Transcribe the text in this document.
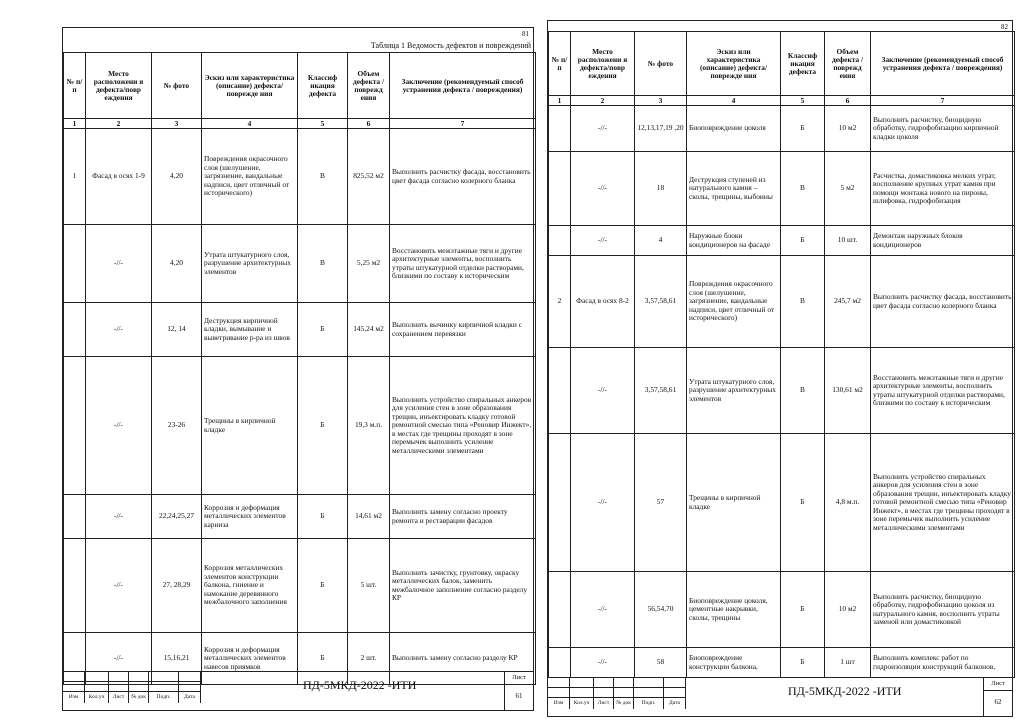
81
Таблица 1 Ведомость дефектов и повреждений
№ п/п	Место расположени я дефекта/повр еждения	№ фото	Эскиз или характеристика (описание) дефекта/поврежде ния	Классиф икация дефекта	Объем дефекта / поврежд ения	Заключение (рекомендуемый способ устранения дефекта / повреждения)
1	2	3	4	5	6	7
1	Фасад в осях 1-9	4,20	Повреждения окрасочного слоя (шелушение, загрязнение, вандальные надписи, цвет отличный от исторического)	В	825,52 м2	Выполнить расчистку фасада, восстановить цвет фасада согласно колерного бланка
	-//-	4,20	Утрата штукатурного слоя, разрушение архитектурных элементов	В	5,25 м2	Восстановить межэтажные тяги и другие архитектурные элементы, восполнить утраты штукатурной отделки растворами, близкими по составу к историческим
	-//-	12, 14	Деструкция кирпичной кладки, вымывание и выветривание р-ра из швов	Б	145,24 м2	Выполнить вычинку кирпичной кладки с сохранением перевязки
	-//-	23-26	Трещины в кирпичной кладке	Б	19,3 м.п.	Выполнить устройство спиральных анкеров для усиления стен в зоне образования трещин, инъектировать кладку готовой ремонтной смесью типа «Реновир Инжект», в местах где трещины проходят в зоне перемычек выполнить усиление металлическими элементами
	-//-	22,24,25,27	Коррозия и деформация металлических элементов карниза	Б	14,61 м2	Выполнить замену согласно проекту ремонта и реставрации фасадов
	-//-	27, 28,29	Коррозия металлических элементов конструкции балкона, гниение и намокание деревянного межбалочного заполнения	Б	5 шт.	Выполнить зачистку, грунтовку, окраску металлических балок, заменить межбалочное заполнение согласно разделу КР
	-//-	15,16,21	Коррозия и деформация металлических элементов навесов приямков	Б	2 шт.	Выполнить замену согласно разделу КР
Изм	Кол.уч	Лист	№ док	Подп.	Дата
ПД-5МКД-2022 -ИТИ
Лист
61
82
№ п/п	Место расположени я дефекта/повр еждения	№ фото	Эскиз или характеристика (описание) дефекта/поврежде ния	Классиф икация дефекта	Объем дефекта / поврежд ения	Заключение (рекомендуемый способ устранения дефекта / повреждения)
1	2	3	4	5	6	7
	-//-	12,13,17,19 ,20	Биоповреждение цоколя	Б	10 м2	Выполнить расчистку, биоцидную обработку, гидрофобизацию кирпичной кладки цоколя
	-//-	18	Деструкция ступеней из натурального камня – сколы, трещины, выбоины	В	5 м2	Расчистка, домастиковка мелких утрат, восполнение крупных утрат камня при помощи монтажа нового на пироны, шлифовка, гидрофобизация
	-//-	4	Наружные блоки кондиционеров на фасаде	Б	10 шт.	Демонтаж наружных блоков кондиционеров
2	Фасад в осях 8-2	3,57,58,61	Повреждения окрасочного слоя (шелушение, загрязнение, вандальные надписи, цвет отличный от исторического)	В	245,7 м2	Выполнить расчистку фасада, восстановить цвет фасада согласно колерного бланка
	-//-	3,57,58,61	Утрата штукатурного слоя, разрушение архитектурных элементов	В	130,61 м2	Восстановить межэтажные тяги и другие архитектурные элементы, восполнить утраты штукатурной отделки растворами, близкими по составу к историческим
	-//-	57	Трещины в кирпичной кладке	Б	4,8 м.п.	Выполнить устройство спиральных анкеров для усиления стен в зоне образования трещин, инъектировать кладку готовой ремонтной смесью типа «Реновир Инжект», в местах где трещины проходят в зоне перемычек выполнить усиление металлическими элементами
	-//-	56,54,70	Биоповреждение цоколя, цементные накрывки, сколы, трещины	Б	10 м2	Выполнить расчистку, биоцидную обработку, гидрофобизацию цоколя из натурального камня, восполнить утраты заменой или домастиковкой
	-//-	58	Биоповреждение конструкции балкона,	Б	1 шт	Выполнить комплекс работ по гидроизоляции конструкций балконов,
Изм	Кол.уч	Лист	№ док	Подп.	Дата
ПД-5МКД-2022 -ИТИ
Лист
62
